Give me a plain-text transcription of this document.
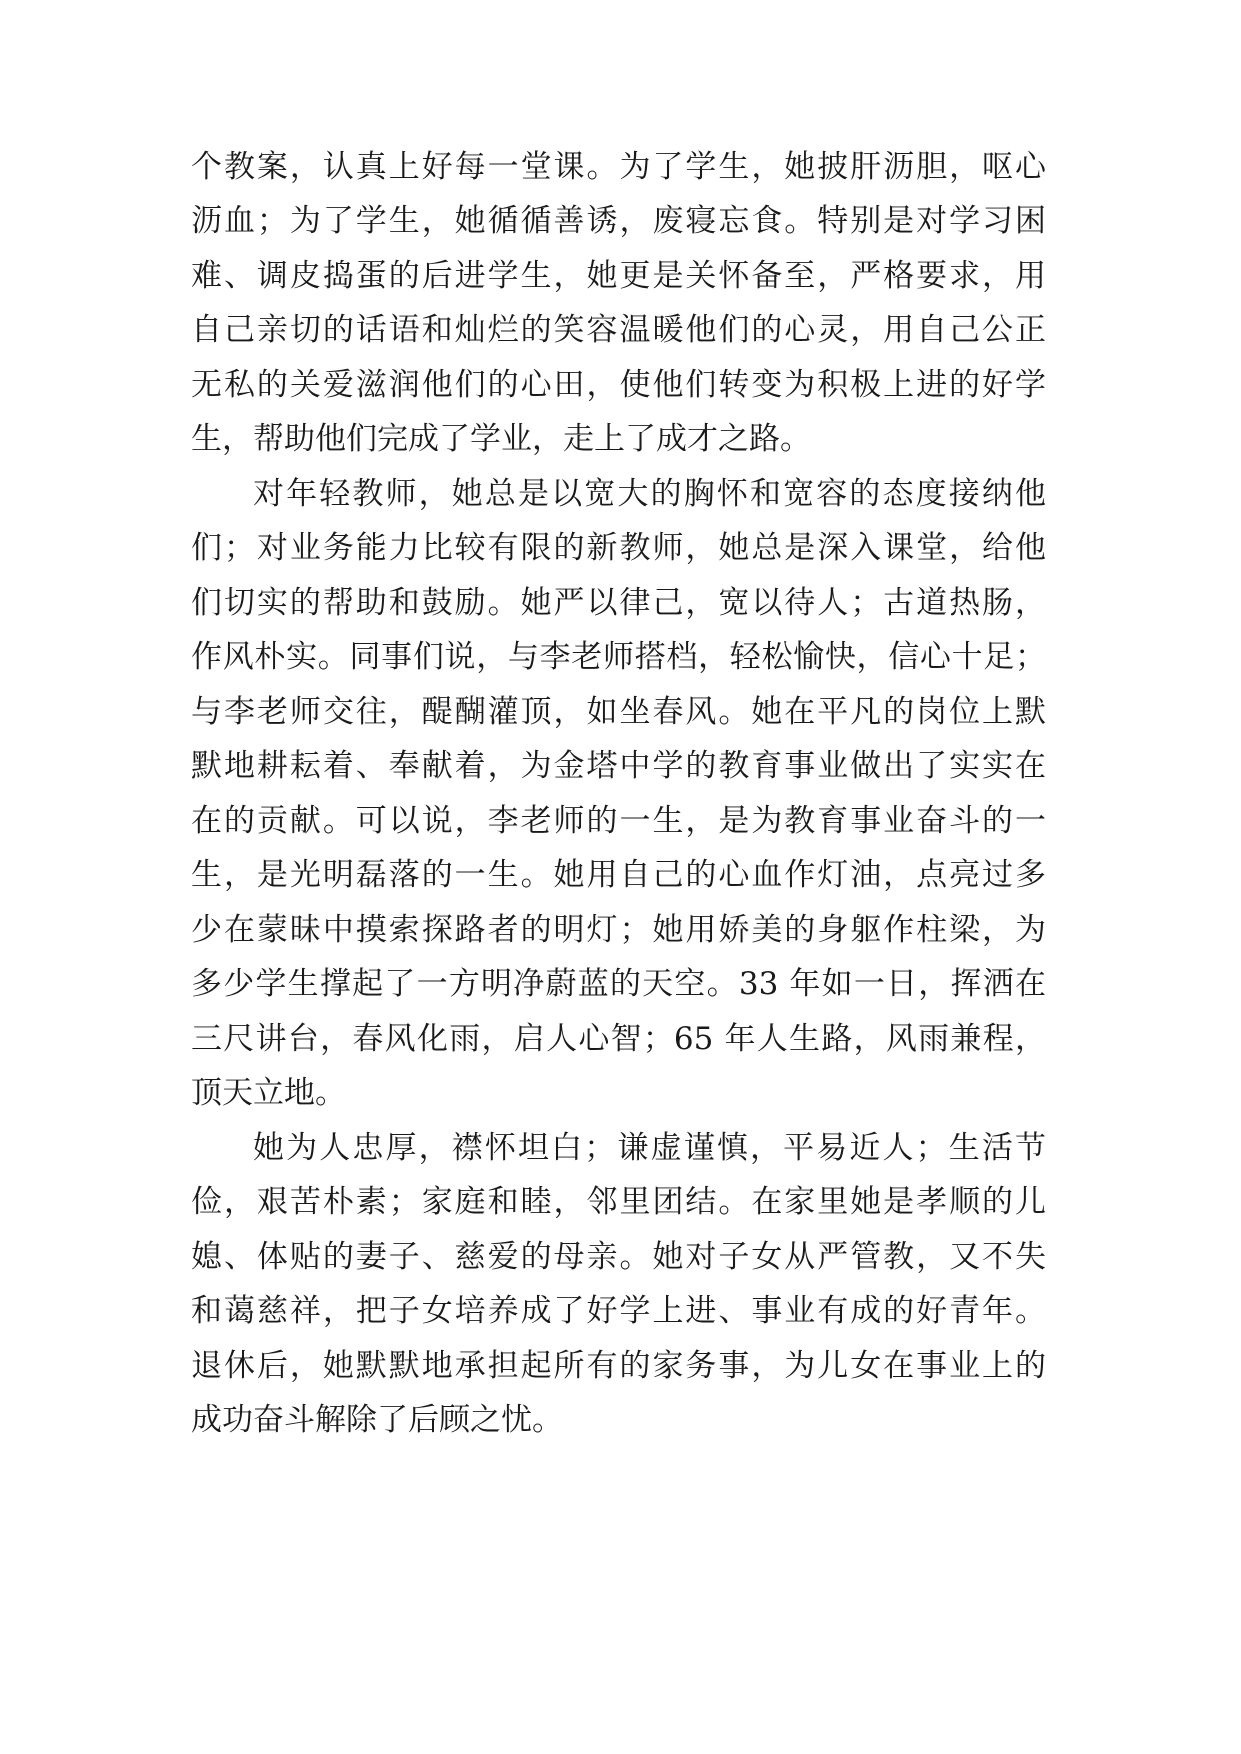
个教案，认真上好每一堂课。为了学生，她披肝沥胆，呕心
沥血；为了学生，她循循善诱，废寝忘食。特别是对学习困
难、调皮捣蛋的后进学生，她更是关怀备至，严格要求，用
自己亲切的话语和灿烂的笑容温暖他们的心灵，用自己公正
无私的关爱滋润他们的心田，使他们转变为积极上进的好学
生，帮助他们完成了学业，走上了成才之路。
对年轻教师，她总是以宽大的胸怀和宽容的态度接纳他
们；对业务能力比较有限的新教师，她总是深入课堂，给他
们切实的帮助和鼓励。她严以律己，宽以待人；古道热肠，
作风朴实。同事们说，与李老师搭档，轻松愉快，信心十足；
与李老师交往，醍醐灌顶，如坐春风。她在平凡的岗位上默
默地耕耘着、奉献着，为金塔中学的教育事业做出了实实在
在的贡献。可以说，李老师的一生，是为教育事业奋斗的一
生，是光明磊落的一生。她用自己的心血作灯油，点亮过多
少在蒙昧中摸索探路者的明灯；她用娇美的身躯作柱梁，为
多少学生撑起了一方明净蔚蓝的天空。33 年如一日，挥洒在
三尺讲台，春风化雨，启人心智；65 年人生路，风雨兼程，
顶天立地。
她为人忠厚，襟怀坦白；谦虚谨慎，平易近人；生活节
俭，艰苦朴素；家庭和睦，邻里团结。在家里她是孝顺的儿
媳、体贴的妻子、慈爱的母亲。她对子女从严管教，又不失
和蔼慈祥，把子女培养成了好学上进、事业有成的好青年。
退休后，她默默地承担起所有的家务事，为儿女在事业上的
成功奋斗解除了后顾之忧。
